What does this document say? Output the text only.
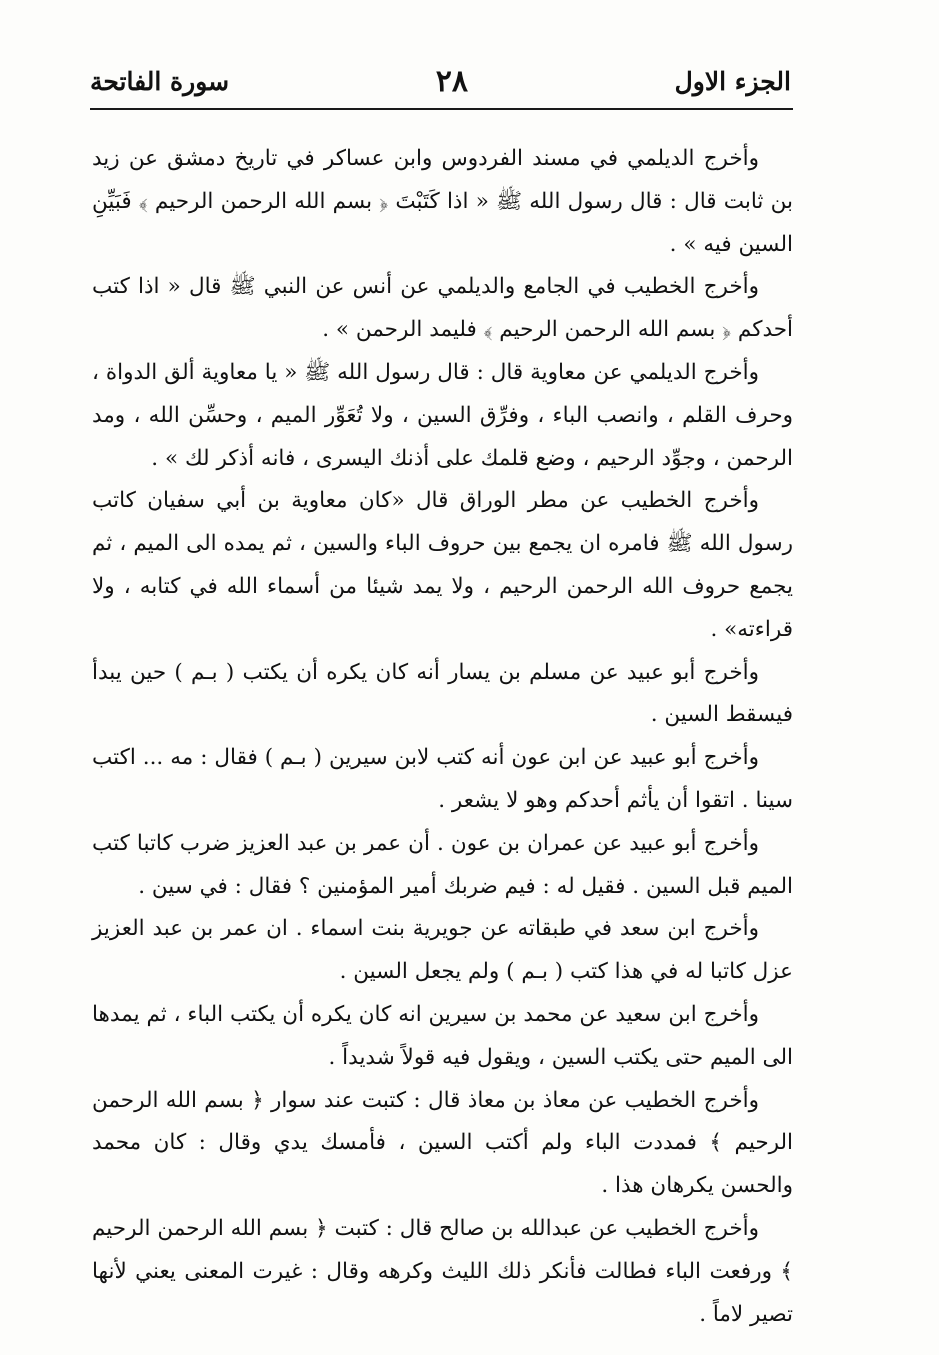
الجزء الاول
٢٨
سورة الفاتحة

وأخرج الديلمي في مسند الفردوس وابن عساكر في تاريخ دمشق عن زيد بن ثابت قال : قال رسول الله ﷺ « اذا كَتَبْتَ ﴿ بسم الله الرحمن الرحيم ﴾ فَبَيِّنِ السين فيه » .

وأخرج الخطيب في الجامع والديلمي عن أنس عن النبي ﷺ قال « اذا كتب أحدكم ﴿ بسم الله الرحمن الرحيم ﴾ فليمد الرحمن » .

وأخرج الديلمي عن معاوية قال : قال رسول الله ﷺ « يا معاوية ألق الدواة ، وحرف القلم ، وانصب الباء ، وفرِّق السين ، ولا تُعَوِّر الميم ، وحسِّن الله ، ومد الرحمن ، وجوِّد الرحيم ، وضع قلمك على أذنك اليسرى ، فانه أذكر لك » .

وأخرج الخطيب عن مطر الوراق قال «كان معاوية بن أبي سفيان كاتب رسول الله ﷺ فامره ان يجمع بين حروف الباء والسين ، ثم يمده الى الميم ، ثم يجمع حروف الله الرحمن الرحيم ، ولا يمد شيئا من أسماء الله في كتابه ، ولا قراءته» .

وأخرج أبو عبيد عن مسلم بن يسار أنه كان يكره أن يكتب ( بـم ) حين يبدأ فيسقط السين .

وأخرج أبو عبيد عن ابن عون أنه كتب لابن سيرين ( بـم ) فقال : مه ... اكتب سينا . اتقوا أن يأثم أحدكم وهو لا يشعر .

وأخرج أبو عبيد عن عمران بن عون . أن عمر بن عبد العزيز ضرب كاتبا كتب الميم قبل السين . فقيل له : فيم ضربك أمير المؤمنين ؟ فقال : في سين .

وأخرج ابن سعد في طبقاته عن جويرية بنت اسماء . ان عمر بن عبد العزيز عزل كاتبا له في هذا كتب ( بـم ) ولم يجعل السين .

وأخرج ابن سعيد عن محمد بن سيرين انه كان يكره أن يكتب الباء ، ثم يمدها الى الميم حتى يكتب السين ، ويقول فيه قولاً شديداً .

وأخرج الخطيب عن معاذ بن معاذ قال : كتبت عند سوار ﴿ بسم الله الرحمن الرحيم ﴾ فمددت الباء ولم أكتب السين ، فأمسك يدي وقال : كان محمد والحسن يكرهان هذا .

وأخرج الخطيب عن عبدالله بن صالح قال : كتبت ﴿ بسم الله الرحمن الرحيم ﴾ ورفعت الباء فطالت فأنكر ذلك الليث وكرهه وقال : غيرت المعنى يعني لأنها تصير لاماً .
